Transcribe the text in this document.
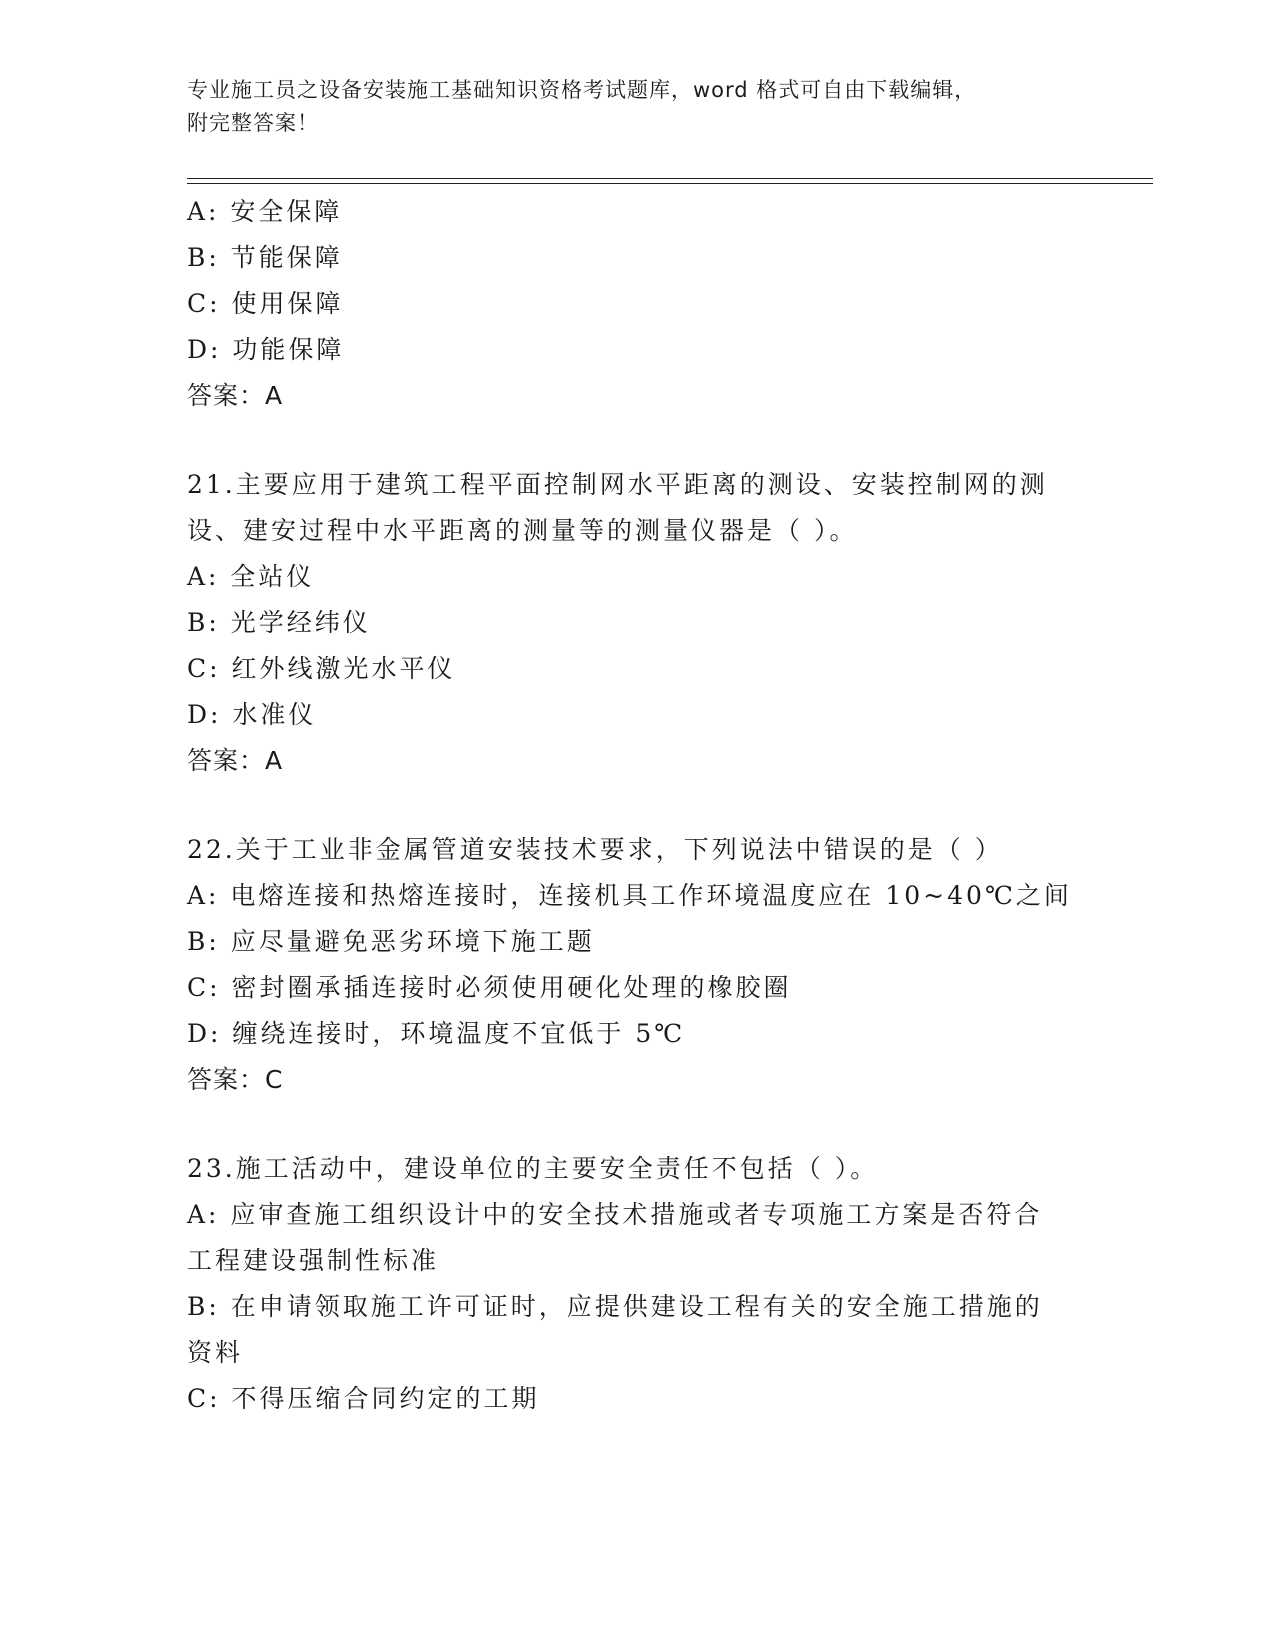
专业施工员之设备安装施工基础知识资格考试题库，word 格式可自由下载编辑，
附完整答案！
A: 安全保障
B: 节能保障
C: 使用保障
D: 功能保障
答案：A
21.主要应用于建筑工程平面控制网水平距离的测设、安装控制网的测
设、建安过程中水平距离的测量等的测量仪器是（ ）。
A: 全站仪
B: 光学经纬仪
C: 红外线激光水平仪
D: 水准仪
答案：A
22.关于工业非金属管道安装技术要求，下列说法中错误的是（ ）
A: 电熔连接和热熔连接时，连接机具工作环境温度应在 10~40℃之间
B: 应尽量避免恶劣环境下施工题
C: 密封圈承插连接时必须使用硬化处理的橡胶圈
D: 缠绕连接时，环境温度不宜低于 5℃
答案：C
23.施工活动中，建设单位的主要安全责任不包括（ ）。
A: 应审查施工组织设计中的安全技术措施或者专项施工方案是否符合
工程建设强制性标准
B: 在申请领取施工许可证时，应提供建设工程有关的安全施工措施的
资料
C: 不得压缩合同约定的工期
